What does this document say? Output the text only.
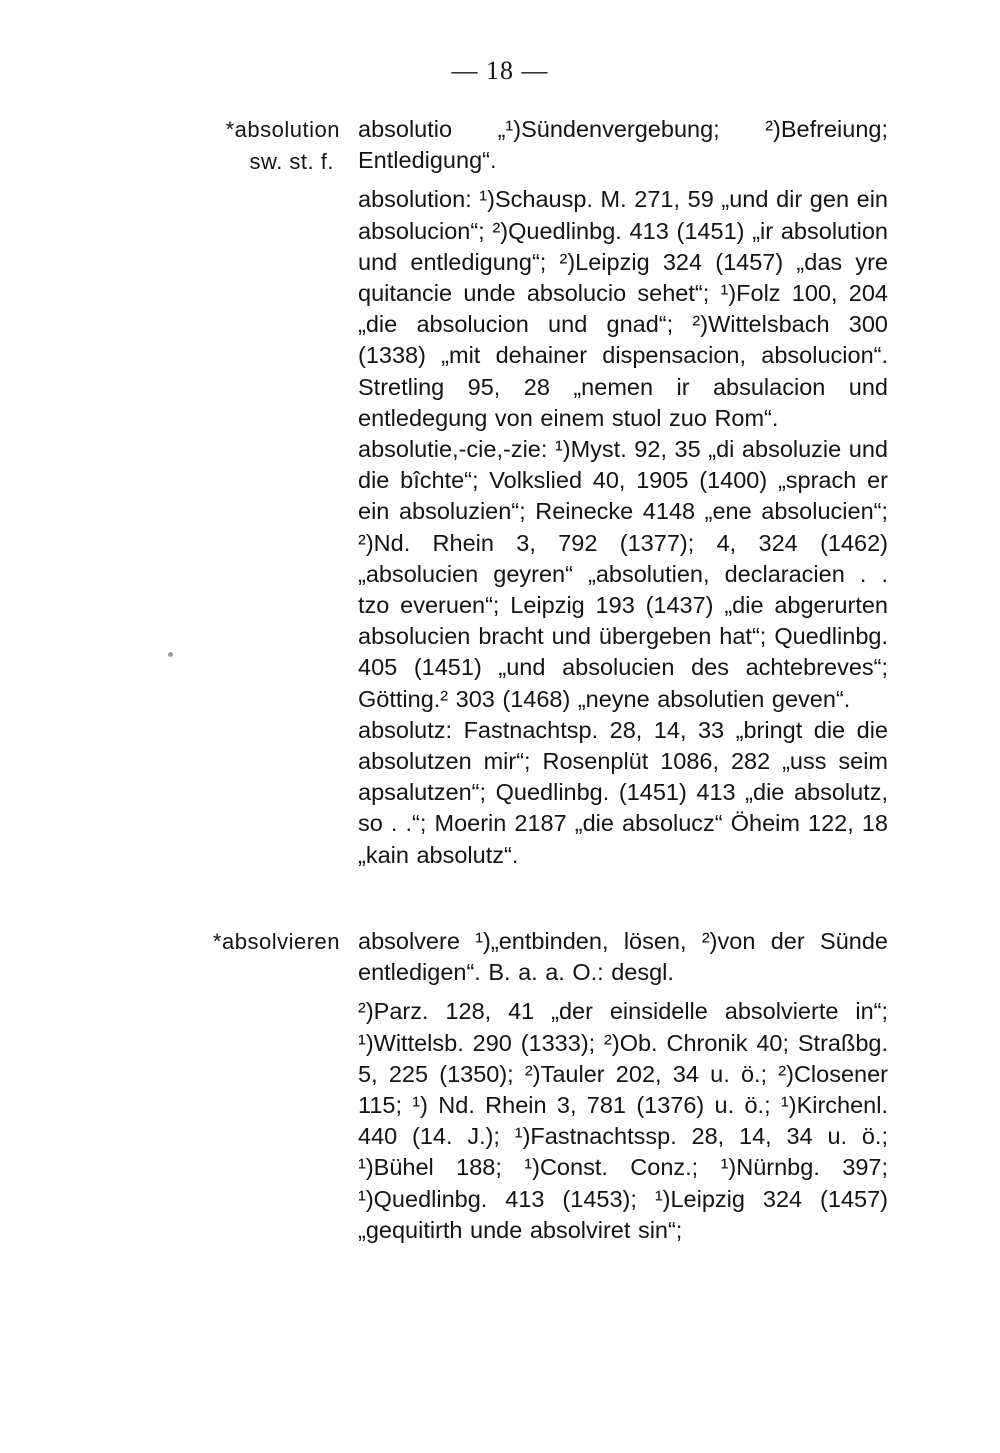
— 18 —
*absolution
sw. st. f.

absolutio „¹)Sündenvergebung; ²)Befreiung; Entledigung“.

absolution: ¹)Schausp. M. 271, 59 „und dir gen ein absolucion“; ²)Quedlinbg. 413 (1451) „ir absolution und entledigung“; ²)Leipzig 324 (1457) „das yre quitancie unde absolucio sehet“; ¹)Folz 100, 204 „die absolucion und gnad“; ²)Wittelsbach 300 (1338) „mit dehainer dispensacion, absolucion“. Stretling 95, 28 „nemen ir absulacion und entledegung von einem stuol zuo Rom“.

absolutie,-cie,-zie: ¹)Myst. 92, 35 „di absoluzie und die bîchte“; Volkslied 40, 1905 (1400) „sprach er ein absoluzien“; Reinecke 4148 „ene absolucien“; ²)Nd. Rhein 3, 792 (1377); 4, 324 (1462) „absolucien geyren“ „absolutien, declaracien . . tzo everuen“; Leipzig 193 (1437) „die abgerurten absolucien bracht und übergeben hat“; Quedlinbg. 405 (1451) „und absolucien des achtebreves“; Götting.² 303 (1468) „neyne absolutien geven“.

absolutz: Fastnachtsp. 28, 14, 33 „bringt die die absolutzen mir“; Rosenplüt 1086, 282 „uss seim apsalutzen“; Quedlinbg. (1451) 413 „die absolutz, so . .“; Moerin 2187 „die absolucz“ Öheim 122, 18 „kain absolutz“.

*absolvieren absolvere ¹)„entbinden, lösen, ²)von der Sünde entledigen“. B. a. a. O.: desgl.

²)Parz. 128, 41 „der einsidelle absolvierte in“; ¹)Wittelsb. 290 (1333); ²)Ob. Chronik 40; Straßbg. 5, 225 (1350); ²)Tauler 202, 34 u. ö.; ²)Closener 115; ¹) Nd. Rhein 3, 781 (1376) u. ö.; ¹)Kirchenl. 440 (14. J.); ¹)Fastnachtssp. 28, 14, 34 u. ö.; ¹)Bühel 188; ¹)Const. Conz.; ¹)Nürnbg. 397; ¹)Quedlinbg. 413 (1453); ¹)Leipzig 324 (1457) „gequitirth unde absolviret sin“;
